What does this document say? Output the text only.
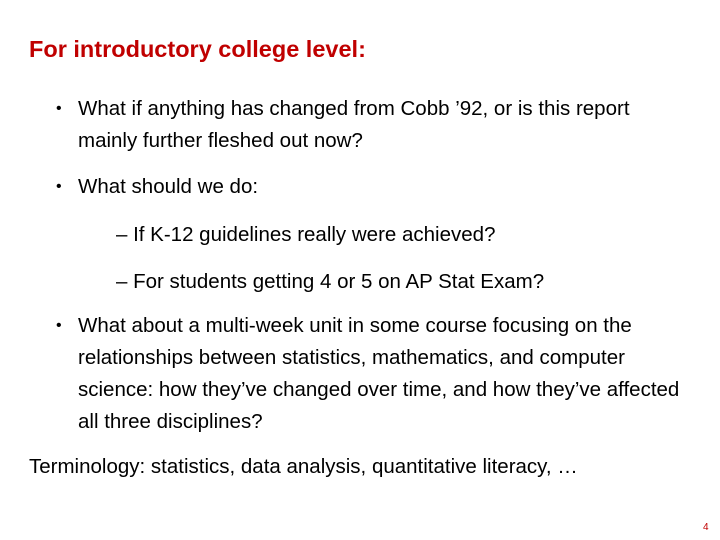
For introductory college level:
• What if anything has changed from Cobb ’92, or is this report mainly further fleshed out now?
• What should we do:
– If K-12 guidelines really were achieved?
– For students getting 4 or 5 on AP Stat Exam?
• What about a multi-week unit in some course focusing on the relationships between statistics, mathematics, and computer science: how they’ve changed over time, and how they’ve affected all three disciplines?
Terminology: statistics, data analysis, quantitative literacy, …
4
